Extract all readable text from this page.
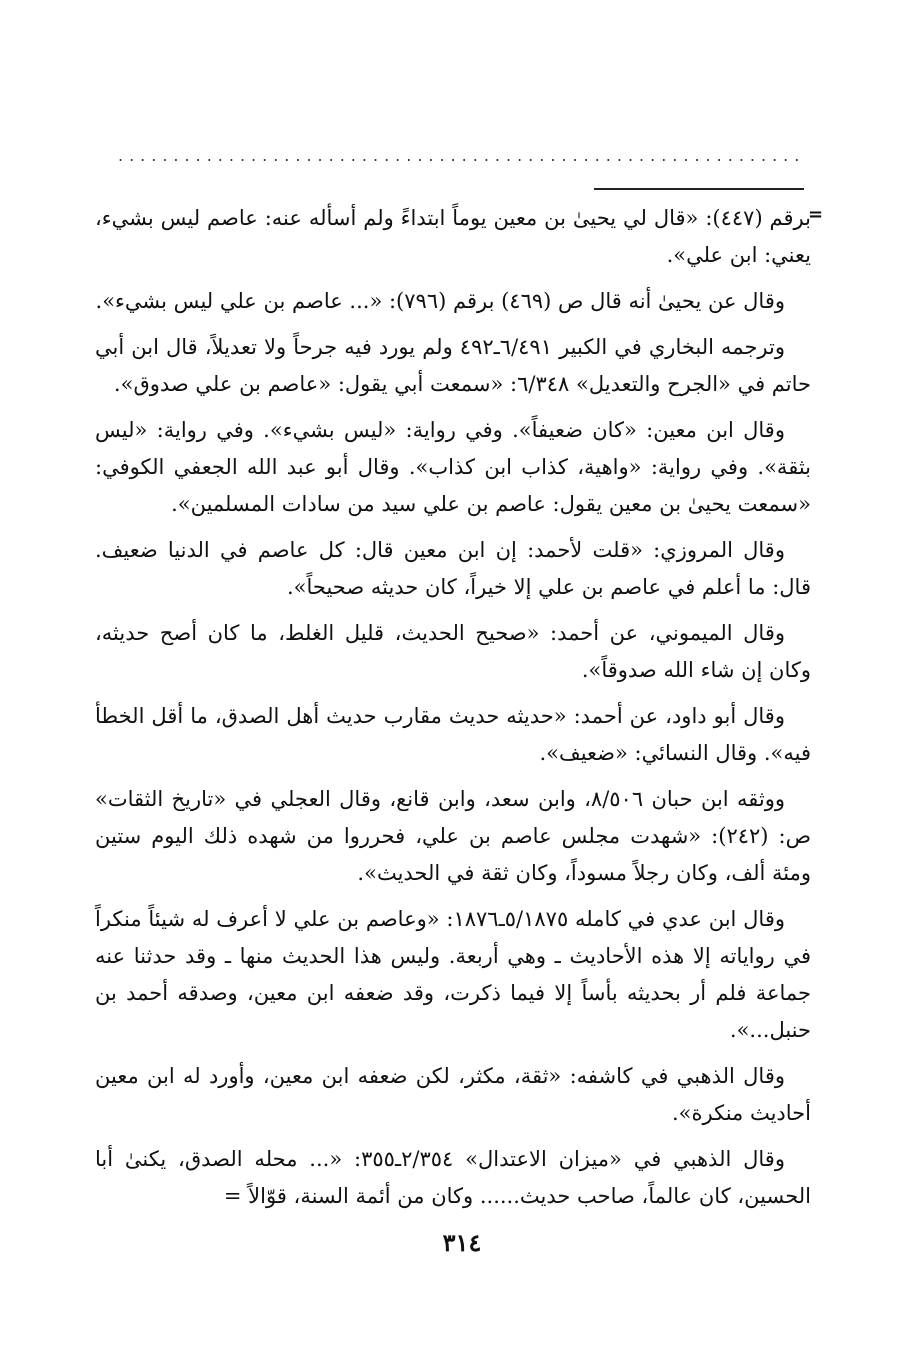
..............................................................
=

برقم (٤٤٧): «قال لي يحيىٰ بن معين يوماً ابتداءً ولم أسأله عنه: عاصم ليس بشيء، يعني: ابن علي».

وقال عن يحيىٰ أنه قال ص (٤٦٩) برقم (٧٩٦): «... عاصم بن علي ليس بشيء».

وترجمه البخاري في الكبير ٦/٤٩١ـ٤٩٢ ولم يورد فيه جرحاً ولا تعديلاً، قال ابن أبي حاتم في «الجرح والتعديل» ٦/٣٤٨: «سمعت أبي يقول: «عاصم بن علي صدوق».

وقال ابن معين: «كان ضعيفاً». وفي رواية: «ليس بشيء». وفي رواية: «ليس بثقة». وفي رواية: «واهية، كذاب ابن كذاب». وقال أبو عبد الله الجعفي الكوفي: «سمعت يحيىٰ بن معين يقول: عاصم بن علي سيد من سادات المسلمين».

وقال المروزي: «قلت لأحمد: إن ابن معين قال: كل عاصم في الدنيا ضعيف. قال: ما أعلم في عاصم بن علي إلا خيراً، كان حديثه صحيحاً».

وقال الميموني، عن أحمد: «صحيح الحديث، قليل الغلط، ما كان أصح حديثه، وكان إن شاء الله صدوقاً».

وقال أبو داود، عن أحمد: «حديثه حديث مقارب حديث أهل الصدق، ما أقل الخطأ فيه». وقال النسائي: «ضعيف».

ووثقه ابن حبان ٨/٥٠٦، وابن سعد، وابن قانع، وقال العجلي في «تاريخ الثقات» ص: (٢٤٢): «شهدت مجلس عاصم بن علي، فحرروا من شهده ذلك اليوم ستين ومئة ألف، وكان رجلاً مسوداً، وكان ثقة في الحديث».

وقال ابن عدي في كامله ٥/١٨٧٥ـ١٨٧٦: «وعاصم بن علي لا أعرف له شيئاً منكراً في رواياته إلا هذه الأحاديث ـ وهي أربعة. وليس هذا الحديث منها ـ وقد حدثنا عنه جماعة فلم أر بحديثه بأساً إلا فيما ذكرت، وقد ضعفه ابن معين، وصدقه أحمد بن حنبل...».

وقال الذهبي في كاشفه: «ثقة، مكثر، لكن ضعفه ابن معين، وأورد له ابن معين أحاديث منكرة».

وقال الذهبي في «ميزان الاعتدال» ٢/٣٥٤ـ٣٥٥: «... محله الصدق، يكنىٰ أبا الحسين، كان عالماً، صاحب حديث...... وكان من أئمة السنة، قوّالاً =

٣١٤
